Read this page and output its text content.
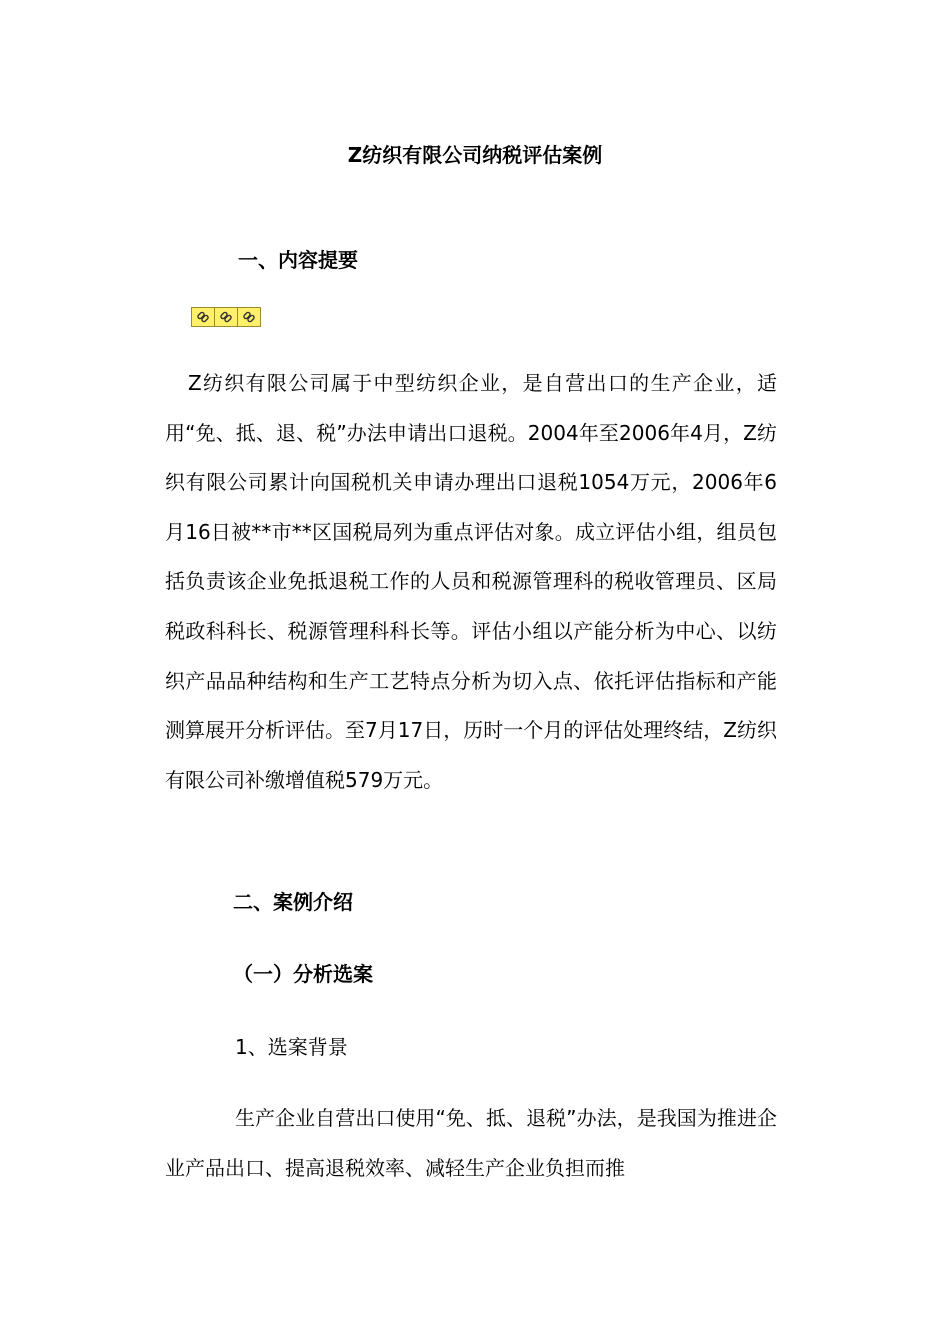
Z纺织有限公司纳税评估案例
一、内容提要
Z纺织有限公司属于中型纺织企业，是自营出口的生产企业，适用“免、抵、退、税”办法申请出口退税。2004年至2006年4月，Z纺织有限公司累计向国税机关申请办理出口退税1054万元，2006年6月16日被**市**区国税局列为重点评估对象。成立评估小组，组员包括负责该企业免抵退税工作的人员和税源管理科的税收管理员、区局税政科科长、税源管理科科长等。评估小组以产能分析为中心、以纺织产品品种结构和生产工艺特点分析为切入点、依托评估指标和产能测算展开分析评估。至7月17日，历时一个月的评估处理终结，Z纺织有限公司补缴增值税579万元。
二、案例介绍
（一）分析选案
1、选案背景
生产企业自营出口使用“免、抵、退税”办法，是我国为推进企业产品出口、提高退税效率、减轻生产企业负担而推
